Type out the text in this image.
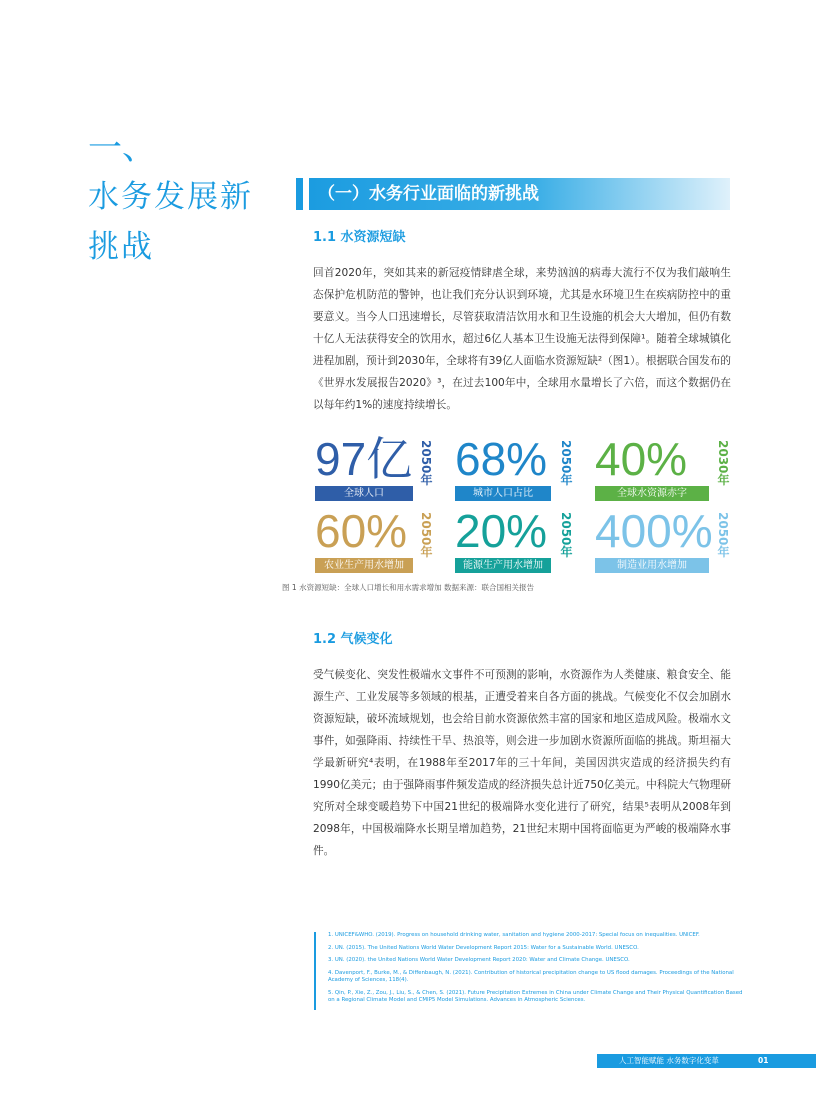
一、
水务发展新挑战
（一）水务行业面临的新挑战
1.1 水资源短缺

回首2020年，突如其来的新冠疫情肆虐全球，来势汹汹的病毒大流行不仅为我们敲响生态保护危机防范的警钟，也让我们充分认识到环境，尤其是水环境卫生在疾病防控中的重要意义。当今人口迅速增长，尽管获取清洁饮用水和卫生设施的机会大大增加，但仍有数十亿人无法获得安全的饮用水，超过6亿人基本卫生设施无法得到保障¹。随着全球城镇化进程加剧，预计到2030年，全球将有39亿人面临水资源短缺²（图1）。根据联合国发布的《世界水发展报告2020》³，在过去100年中，全球用水量增长了六倍，而这个数据仍在以每年约1%的速度持续增长。

97亿 2050年
全球人口
68% 2050年
城市人口占比
40%	2030年
全球水资源赤字
60% 2050年
农业生产用水增加
20% 2050年
能源生产用水增加
400% 2050年
制造业用水增加
图 1 水资源短缺：全球人口增长和用水需求增加 数据来源：联合国相关报告
1.2 气候变化

受气候变化、突发性极端水文事件不可预测的影响，水资源作为人类健康、粮食安全、能源生产、工业发展等多领域的根基，正遭受着来自各方面的挑战。气候变化不仅会加剧水资源短缺，破坏流域规划，也会给目前水资源依然丰富的国家和地区造成风险。极端水文事件，如强降雨、持续性干旱、热浪等，则会进一步加剧水资源所面临的挑战。斯坦福大学最新研究⁴表明，在1988年至2017年的三十年间，美国因洪灾造成的经济损失约有1990亿美元；由于强降雨事件频发造成的经济损失总计近750亿美元。中科院大气物理研究所对全球变暖趋势下中国21世纪的极端降水变化进行了研究，结果⁵表明从2008年到2098年，中国极端降水长期呈增加趋势，21世纪末期中国将面临更为严峻的极端降水事件。

1. UNICEF&WHO. (2019). Progress on household drinking water, sanitation and hygiene 2000-2017: Special focus on inequalities. UNICEF.
2. UN. (2015). The United Nations World Water Development Report 2015: Water for a Sustainable World. UNESCO.
3. UN. (2020). the United Nations World Water Development Report 2020: Water and Climate Change. UNESCO.
4. Davenport, F., Burke, M., & Diffenbaugh, N. (2021). Contribution of historical precipitation change to US flood damages. Proceedings of the National Academy of Sciences, 118(4).
5. Qin, P., Xie, Z., Zou, J., Liu, S., & Chen, S. (2021). Future Precipitation Extremes in China under Climate Change and Their Physical Quantification Based on a Regional Climate Model and CMIP5 Model Simulations. Advances in Atmospheric Sciences.
人工智能赋能 水务数字化变革	01
